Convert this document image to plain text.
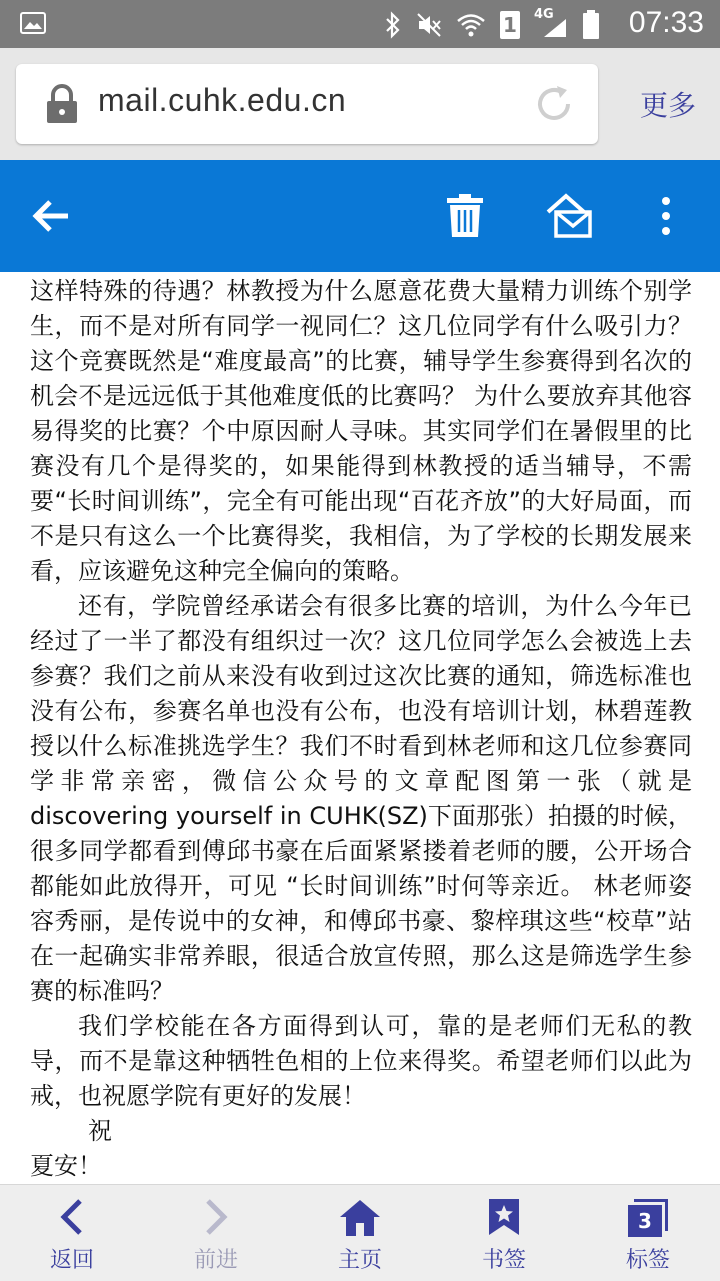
1 4G	07:33
mail.cuhk.edu.cn	更多

这样特殊的待遇？林教授为什么愿意花费大量精力训练个别学生，而不是对所有同学一视同仁？这几位同学有什么吸引力？这个竞赛既然是“难度最高”的比赛，辅导学生参赛得到名次的机会不是远远低于其他难度低的比赛吗？ 为什么要放弃其他容易得奖的比赛？个中原因耐人寻味。其实同学们在暑假里的比赛没有几个是得奖的，如果能得到林教授的适当辅导，不需要“长时间训练”，完全有可能出现“百花齐放”的大好局面，而不是只有这么一个比赛得奖，我相信，为了学校的长期发展来看，应该避免这种完全偏向的策略。

还有，学院曾经承诺会有很多比赛的培训，为什么今年已经过了一半了都没有组织过一次？这几位同学怎么会被选上去参赛？我们之前从来没有收到过这次比赛的通知，筛选标准也没有公布，参赛名单也没有公布，也没有培训计划，林碧莲教授以什么标准挑选学生？我们不时看到林老师和这几位参赛同学非常亲密，微信公众号的文章配图第一张（就是discovering yourself in CUHK(SZ)下面那张）拍摄的时候，很多同学都看到傅邱书豪在后面紧紧搂着老师的腰，公开场合都能如此放得开，可见 “长时间训练”时何等亲近。 林老师姿容秀丽，是传说中的女神，和傅邱书豪、黎梓琪这些“校草”站在一起确实非常养眼，很适合放宣传照，那么这是筛选学生参赛的标准吗？

我们学校能在各方面得到认可，靠的是老师们无私的教导，而不是靠这种牺牲色相的上位来得奖。希望老师们以此为戒，也祝愿学院有更好的发展！

祝
夏安！
返回	前进	主页	书签
3
标签
